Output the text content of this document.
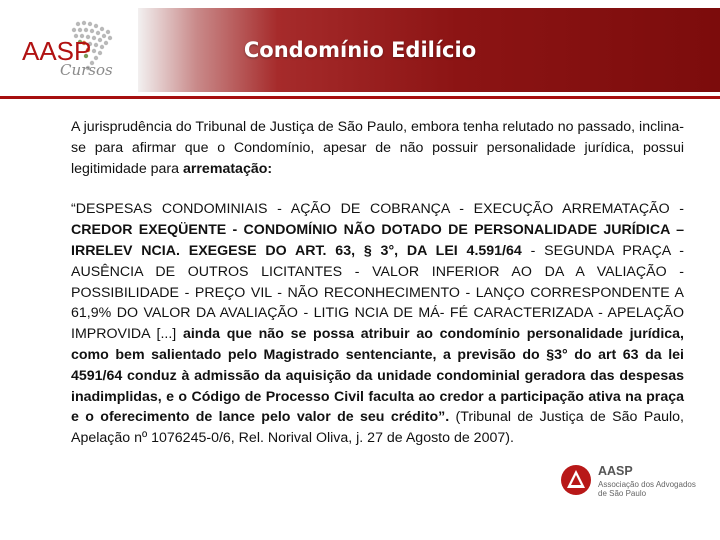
Condomínio Edilício
AASP
Cursos

A jurisprudência do Tribunal de Justiça de São Paulo, embora tenha relutado no passado, inclina-se para afirmar que o Condomínio, apesar de não possuir personalidade jurídica, possui legitimidade para arrematação:

“DESPESAS CONDOMINIAIS - AÇÃO DE COBRANÇA - EXECUÇÃO ARREMATAÇÃO - CREDOR EXEQÜENTE - CONDOMÍNIO NÃO DOTADO DE PERSONALIDADE JURÍDICA – IRRELEV NCIA. EXEGESE DO ART. 63, § 3°, DA LEI 4.591/64 - SEGUNDA PRAÇA - AUSÊNCIA DE OUTROS LICITANTES - VALOR INFERIOR AO DA A VALIAÇÃO - POSSIBILIDADE - PREÇO VIL - NÃO RECONHECIMENTO - LANÇO CORRESPONDENTE A 61,9% DO VALOR DA AVALIAÇÃO - LITIG NCIA DE MÁ- FÉ CARACTERIZADA - APELAÇÃO IMPROVIDA [...] ainda que não se possa atribuir ao condomínio personalidade jurídica, como bem salientado pelo Magistrado sentenciante, a previsão do §3° do art 63 da lei 4591/64 conduz à admissão da aquisição da unidade condominial geradora das despesas inadimplidas, e o Código de Processo Civil faculta ao credor a participação ativa na praça e o oferecimento de lance pelo valor de seu crédito”. (Tribunal de Justiça de São Paulo, Apelação nº 1076245-0/6, Rel. Norival Oliva, j. 27 de Agosto de 2007).

AASP
Associação dos Advogados
de São Paulo
